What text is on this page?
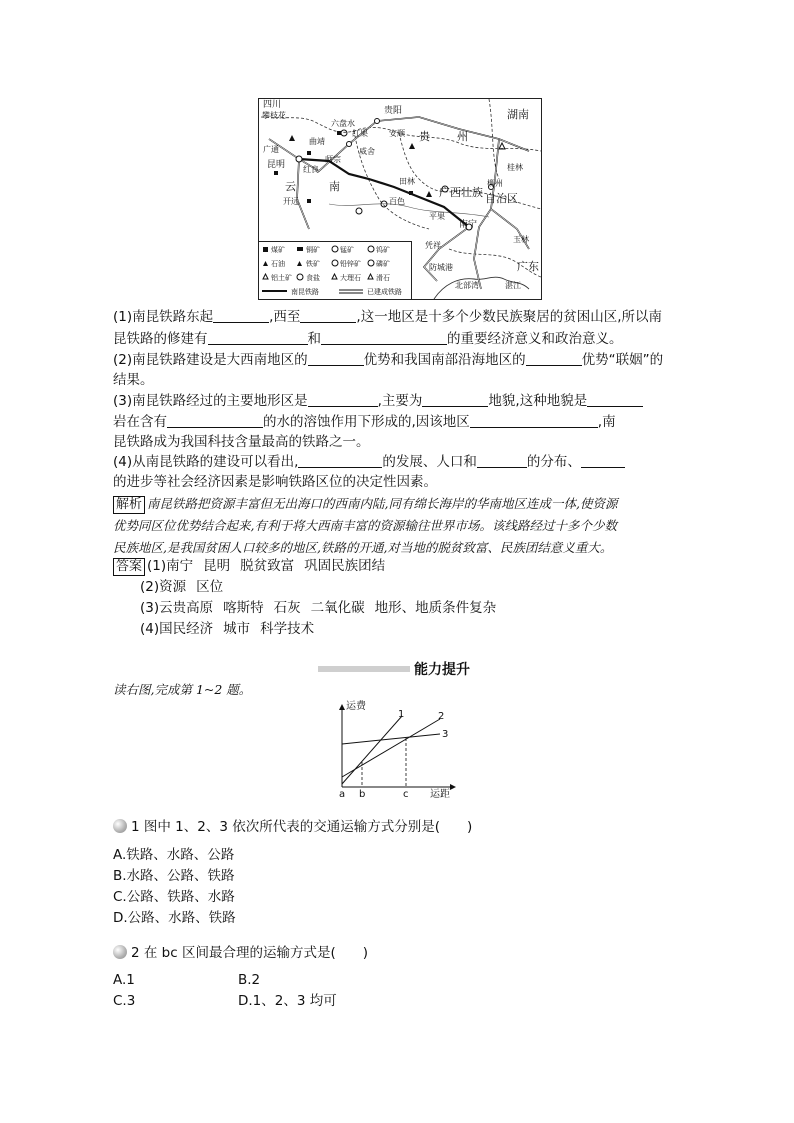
四川
攀枝花
六盘水
贵阳	湖南
广通
曲靖
红果	安顺 贵 州
威舍
昆明
师宗
红良	桂林
云	南	田林
广西壮族 自治区
柳州
开远	百色
平果
南宁
玉林
凭祥
防城港	广东
北部湾	湛江
煤矿	铜矿	锰矿	钨矿
石油	铁矿	铅锌矿 磷矿
铝土矿 食盐	大理石 滑石
南昆铁路	已建成铁路
(1)南昆铁路东起	,西至	,这一地区是十多个少数民族聚居的贫困山区,所以南
昆铁路的修建有	和	的重要经济意义和政治意义。
(2)南昆铁路建设是大西南地区的	优势和我国南部沿海地区的	优势“联姻”的
结果。
(3)南昆铁路经过的主要地形区是	,主要为	地貌,这种地貌是
岩在含有	的水的溶蚀作用下形成的,因该地区	,南
昆铁路成为我国科技含量最高的铁路之一。
(4)从南昆铁路的建设可以看出,	的发展、人口和	的分布、
的进步等社会经济因素是影响铁路区位的决定性因素。
解析 南昆铁路把资源丰富但无出海口的西南内陆,同有绵长海岸的华南地区连成一体,使资源
优势同区位优势结合起来,有利于将大西南丰富的资源输往世界市场。该线路经过十多个少数
民族地区,是我国贫困人口较多的地区,铁路的开通,对当地的脱贫致富、民族团结意义重大。
答案 (1)南宁 昆明 脱贫致富 巩固民族团结
(2)资源 区位
(3)云贵高原 喀斯特 石灰 二氧化碳 地形、地质条件复杂
(4)国民经济 城市 科学技术
能力提升
读右图,完成第 1~2 题。
运费
运距
1	2
3
a b	c
1 图中 1、2、3 依次所代表的交通运输方式分别是(　　)
A.铁路、水路、公路
B.水路、公路、铁路
C.公路、铁路、水路
D.公路、水路、铁路
2 在 bc 区间最合理的运输方式是(　　)
A.1	B.2
C.3	D.1、2、3 均可
